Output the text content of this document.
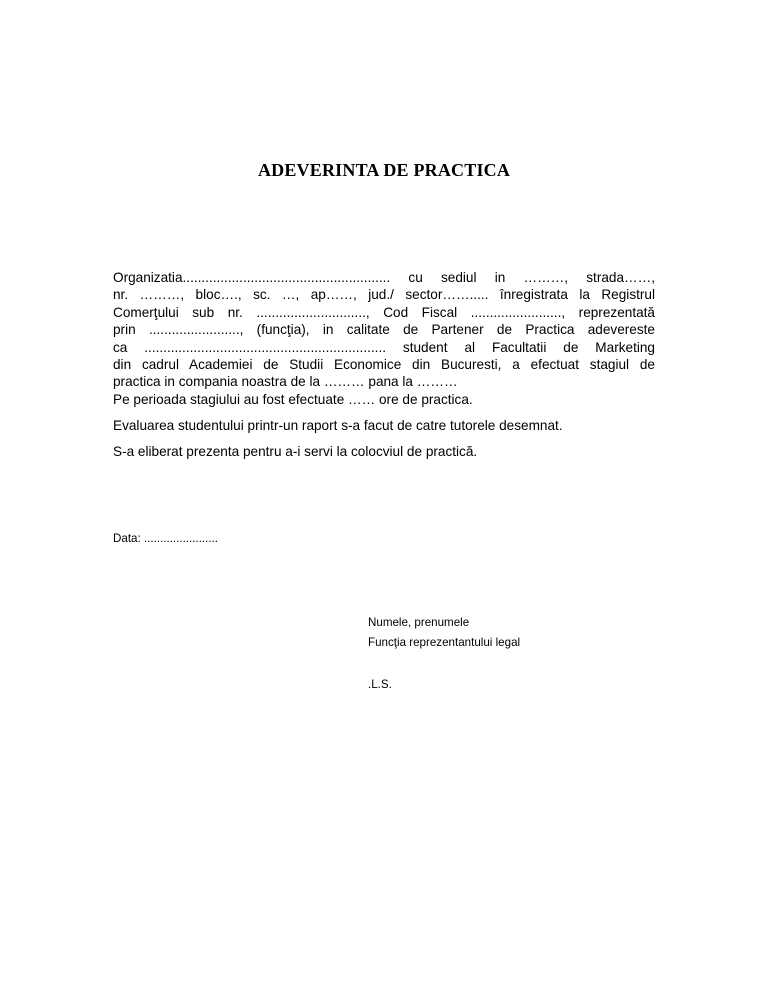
ADEVERINTA DE PRACTICA
Organizatia....................................................... cu sediul in ………, strada……,
nr. ………, bloc…., sc. …, ap……, jud./ sector……..... înregistrata la Registrul
Comerţului sub nr. ............................., Cod Fiscal ........................, reprezentată
prin ........................, (funcţia), in calitate de Partener de Practica adevereste
ca ................................................................ student al Facultatii de Marketing
din cadrul Academiei de Studii Economice din Bucuresti, a efectuat stagiul de
practica in compania noastra de la ……… pana la ………
Pe perioada stagiului au fost efectuate …… ore de practica.
Evaluarea studentului printr-un raport s-a facut de catre tutorele desemnat.
S-a eliberat prezenta pentru a-i servi la colocviul de practică.
Data: .......................
Numele, prenumele
Funcţia reprezentantului legal
.L.S.
